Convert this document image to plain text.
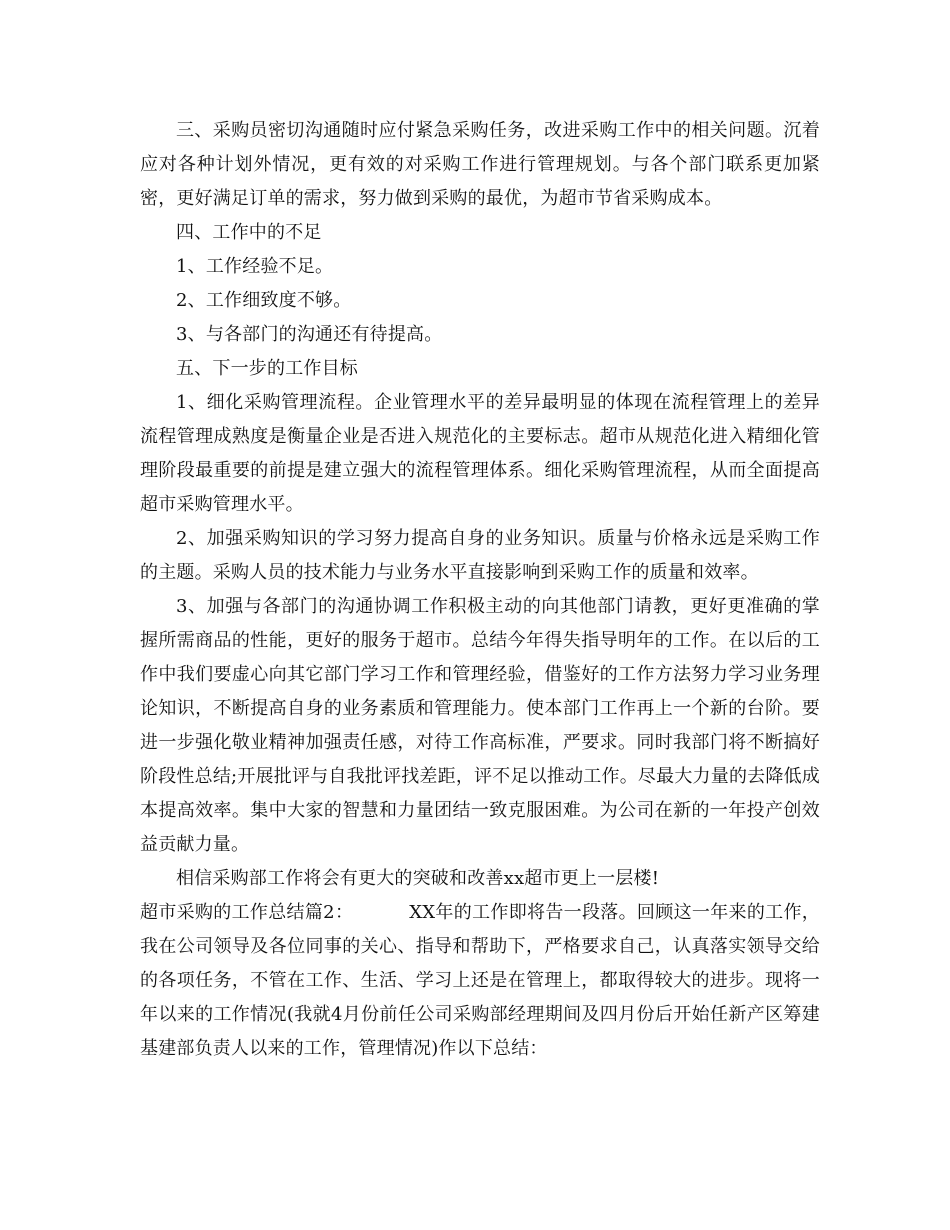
三、采购员密切沟通随时应付紧急采购任务，改进采购工作中的相关问题。沉着应对各种计划外情况，更有效的对采购工作进行管理规划。与各个部门联系更加紧密，更好满足订单的需求，努力做到采购的最优，为超市节省采购成本。

四、工作中的不足

1、工作经验不足。

2、工作细致度不够。

3、与各部门的沟通还有待提高。

五、下一步的工作目标

1、细化采购管理流程。企业管理水平的差异最明显的体现在流程管理上的差异流程管理成熟度是衡量企业是否进入规范化的主要标志。超市从规范化进入精细化管理阶段最重要的前提是建立强大的流程管理体系。细化采购管理流程，从而全面提高超市采购管理水平。

2、加强采购知识的学习努力提高自身的业务知识。质量与价格永远是采购工作的主题。采购人员的技术能力与业务水平直接影响到采购工作的质量和效率。

3、加强与各部门的沟通协调工作积极主动的向其他部门请教，更好更准确的掌握所需商品的性能，更好的服务于超市。总结今年得失指导明年的工作。在以后的工作中我们要虚心向其它部门学习工作和管理经验，借鉴好的工作方法努力学习业务理论知识，不断提高自身的业务素质和管理能力。使本部门工作再上一个新的台阶。要进一步强化敬业精神加强责任感，对待工作高标准，严要求。同时我部门将不断搞好阶段性总结;开展批评与自我批评找差距，评不足以推动工作。尽最大力量的去降低成本提高效率。集中大家的智慧和力量团结一致克服困难。为公司在新的一年投产创效益贡献力量。

相信采购部工作将会有更大的突破和改善xx超市更上一层楼!

超市采购的工作总结篇2：	XX年的工作即将告一段落。回顾这一年来的工作，我在公司领导及各位同事的关心、指导和帮助下，严格要求自己，认真落实领导交给的各项任务，不管在工作、生活、学习上还是在管理上，都取得较大的进步。现将一年以来的工作情况(我就4月份前任公司采购部经理期间及四月份后开始任新产区筹建基建部负责人以来的工作，管理情况)作以下总结：
